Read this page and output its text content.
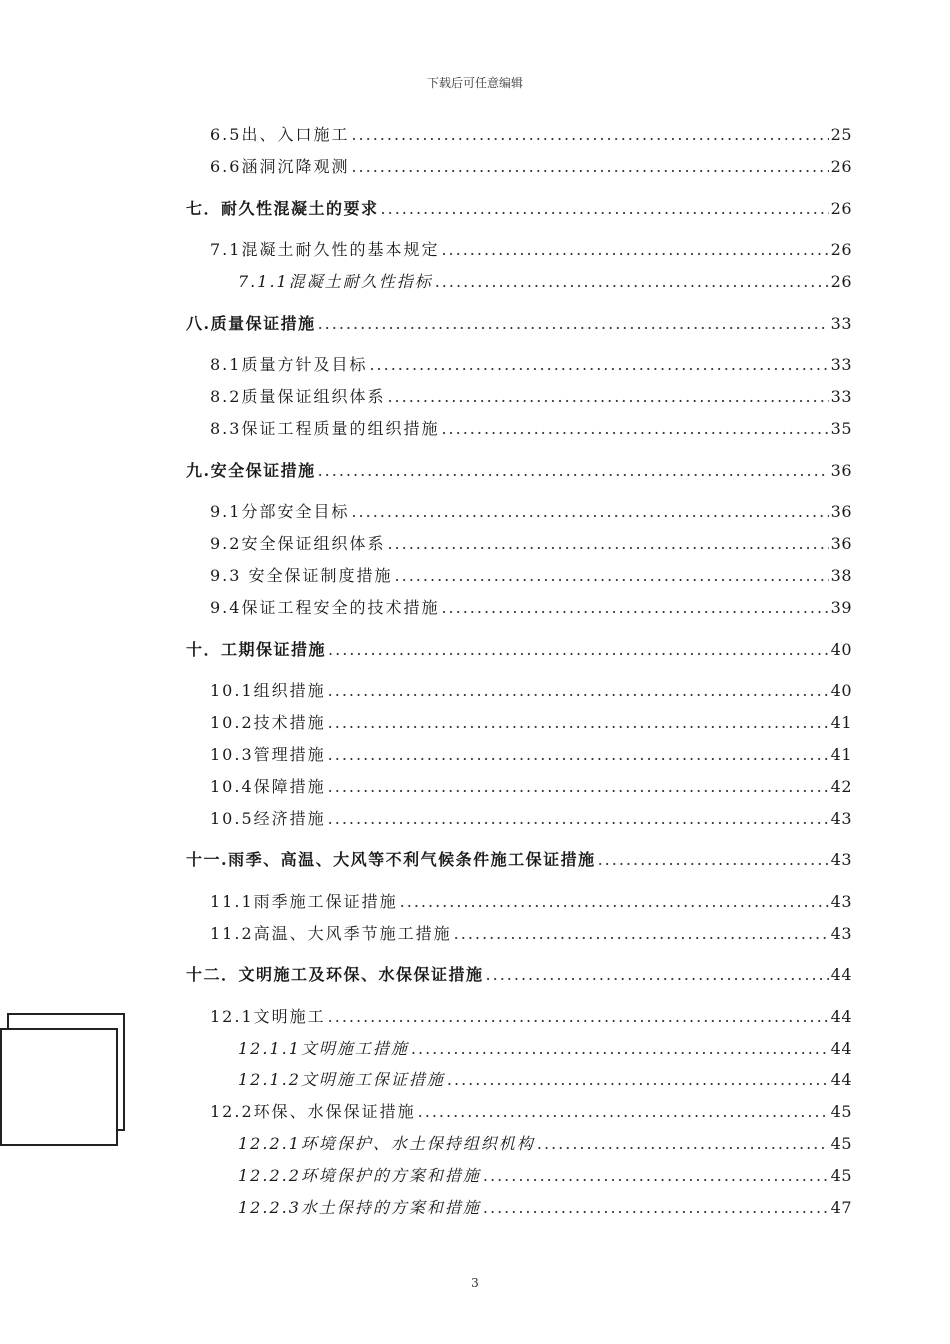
下载后可任意编辑
6.5出、入口施工 .....	25
6.6涵洞沉降观测 .....	26
七．耐久性混凝土的要求 .....	26
7.1混凝土耐久性的基本规定 .....	26
7.1.1混凝土耐久性指标 .....	26
八.质量保证措施 .....	33
8.1质量方针及目标 .....	33
8.2质量保证组织体系 .....	33
8.3保证工程质量的组织措施 .....	35
九.安全保证措施 .....	36
9.1分部安全目标 .....	36
9.2安全保证组织体系 .....	36
9.3 安全保证制度措施 .....	38
9.4保证工程安全的技术措施 .....	39
十．工期保证措施 .....	40
10.1组织措施 .....	40
10.2技术措施 .....	41
10.3管理措施 .....	41
10.4保障措施 .....	42
10.5经济措施 .....	43
十一.雨季、高温、大风等不利气候条件施工保证措施 .....	43
11.1雨季施工保证措施 .....	43
11.2高温、大风季节施工措施 .....	43
十二．文明施工及环保、水保保证措施 .....	44
12.1文明施工 .....	44
12.1.1文明施工措施 .....	44
12.1.2文明施工保证措施 .....	44
12.2环保、水保保证措施 .....	45
12.2.1环境保护、水土保持组织机构 .....	45
12.2.2环境保护的方案和措施 .....	45
12.2.3水土保持的方案和措施 .....	47
3
